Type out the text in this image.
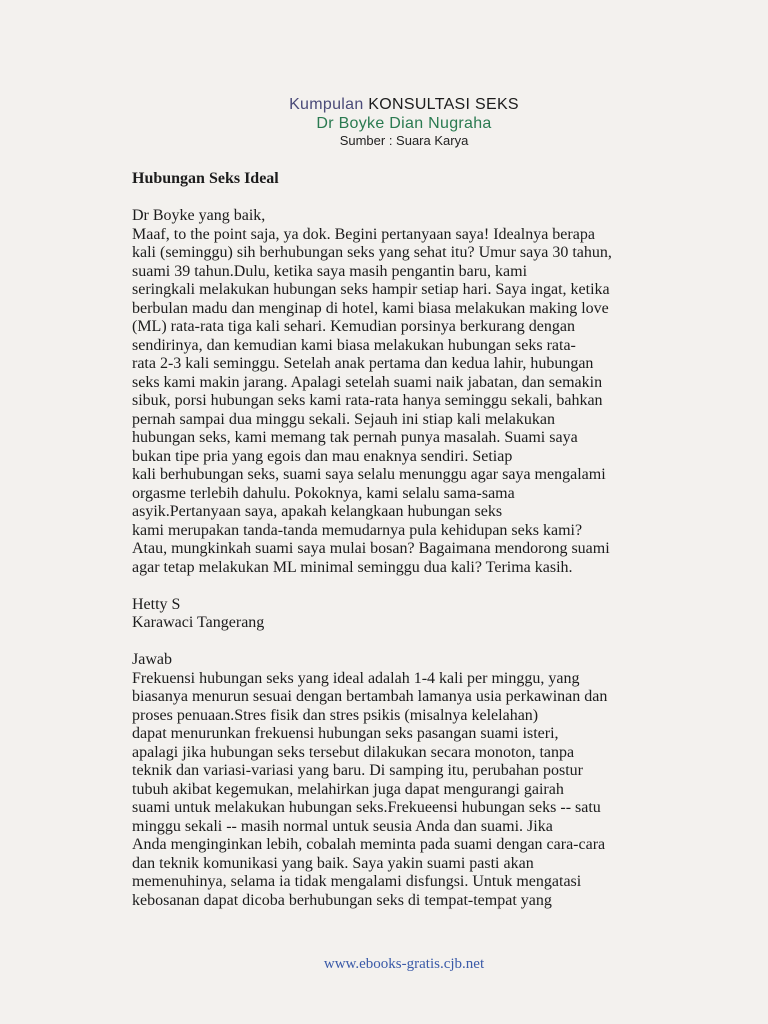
Kumpulan KONSULTASI SEKS
Dr Boyke Dian Nugraha
Sumber : Suara Karya

Hubungan Seks Ideal

Dr Boyke yang baik,

Maaf, to the point saja, ya dok. Begini pertanyaan saya! Idealnya berapa

kali (seminggu) sih berhubungan seks yang sehat itu? Umur saya 30 tahun,

suami 39 tahun.Dulu, ketika saya masih pengantin baru, kami

seringkali melakukan hubungan seks hampir setiap hari. Saya ingat, ketika

berbulan madu dan menginap di hotel, kami biasa melakukan making love

(ML) rata-rata tiga kali sehari. Kemudian porsinya berkurang dengan

sendirinya, dan kemudian kami biasa melakukan hubungan seks rata-

rata 2-3 kali seminggu. Setelah anak pertama dan kedua lahir, hubungan

seks kami makin jarang. Apalagi setelah suami naik jabatan, dan semakin

sibuk, porsi hubungan seks kami rata-rata hanya seminggu sekali, bahkan

pernah sampai dua minggu sekali. Sejauh ini stiap kali melakukan

hubungan seks, kami memang tak pernah punya masalah. Suami saya

bukan tipe pria yang egois dan mau enaknya sendiri. Setiap

kali berhubungan seks, suami saya selalu menunggu agar saya mengalami

orgasme terlebih dahulu. Pokoknya, kami selalu sama-sama

asyik.Pertanyaan saya, apakah kelangkaan hubungan seks

kami merupakan tanda-tanda memudarnya pula kehidupan seks kami?

Atau, mungkinkah suami saya mulai bosan? Bagaimana mendorong suami

agar tetap melakukan ML minimal seminggu dua kali? Terima kasih.

Hetty S

Karawaci Tangerang

Jawab

Frekuensi hubungan seks yang ideal adalah 1-4 kali per minggu, yang

biasanya menurun sesuai dengan bertambah lamanya usia perkawinan dan

proses penuaan.Stres fisik dan stres psikis (misalnya kelelahan)

dapat menurunkan frekuensi hubungan seks pasangan suami isteri,

apalagi jika hubungan seks tersebut dilakukan secara monoton, tanpa

teknik dan variasi-variasi yang baru. Di samping itu, perubahan postur

tubuh akibat kegemukan, melahirkan juga dapat mengurangi gairah

suami untuk melakukan hubungan seks.Frekueensi hubungan seks -- satu

minggu sekali -- masih normal untuk seusia Anda dan suami. Jika

Anda menginginkan lebih, cobalah meminta pada suami dengan cara-cara

dan teknik komunikasi yang baik. Saya yakin suami pasti akan

memenuhinya, selama ia tidak mengalami disfungsi. Untuk mengatasi

kebosanan dapat dicoba berhubungan seks di tempat-tempat yang

www.ebooks-gratis.cjb.net
